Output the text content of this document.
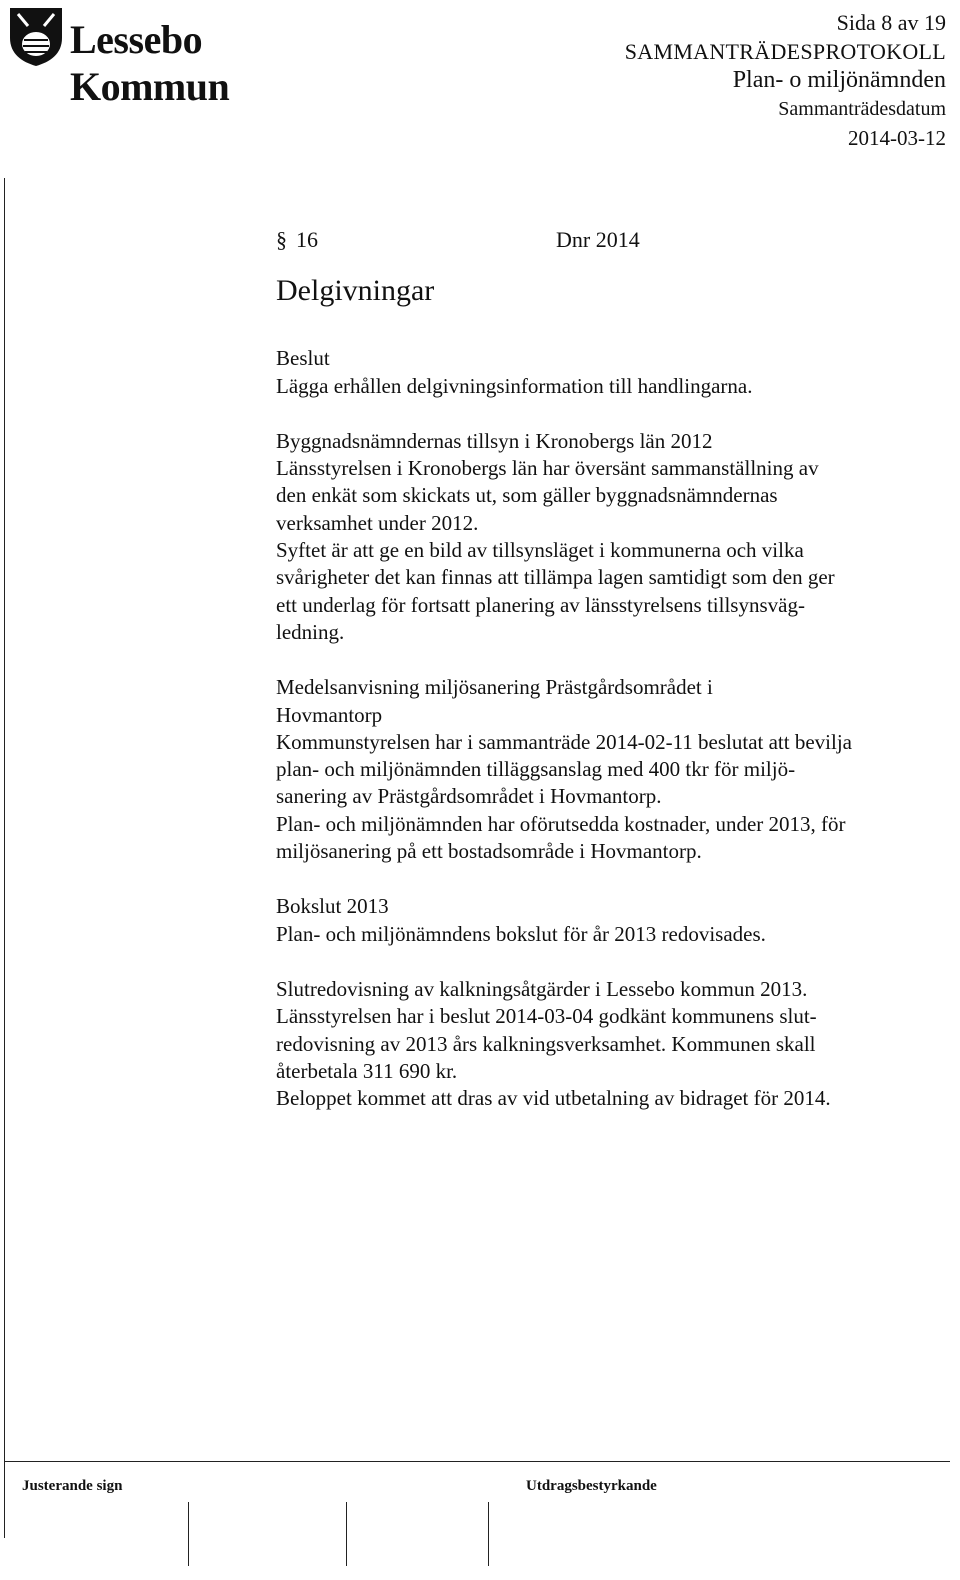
Lessebo Kommun
Sida 8 av 19
SAMMANTRÄDESPROTOKOLL
Plan- o miljönämnden
Sammanträdesdatum
2014-03-12
§ 16	Dnr 2014
Delgivningar

Beslut

Lägga erhållen delgivningsinformation till handlingarna.

Byggnadsnämndernas tillsyn i Kronobergs län 2012

Länsstyrelsen i Kronobergs län har översänt sammanställning av

den enkät som skickats ut, som gäller byggnadsnämndernas

verksamhet under 2012.

Syftet är att ge en bild av tillsynsläget i kommunerna och vilka

svårigheter det kan finnas att tillämpa lagen samtidigt som den ger

ett underlag för fortsatt planering av länsstyrelsens tillsynsväg-

ledning.

Medelsanvisning miljösanering Prästgårdsområdet i

Hovmantorp

Kommunstyrelsen har i sammanträde 2014-02-11 beslutat att bevilja

plan- och miljönämnden tilläggsanslag med 400 tkr för miljö-

sanering av Prästgårdsområdet i Hovmantorp.

Plan- och miljönämnden har oförutsedda kostnader, under 2013, för

miljösanering på ett bostadsområde i Hovmantorp.

Bokslut 2013

Plan- och miljönämndens bokslut för år 2013 redovisades.

Slutredovisning av kalkningsåtgärder i Lessebo kommun 2013.

Länsstyrelsen har i beslut 2014-03-04 godkänt kommunens slut-

redovisning av 2013 års kalkningsverksamhet. Kommunen skall

återbetala 311 690 kr.

Beloppet kommet att dras av vid utbetalning av bidraget för 2014.

Justerande sign	Utdragsbestyrkande
